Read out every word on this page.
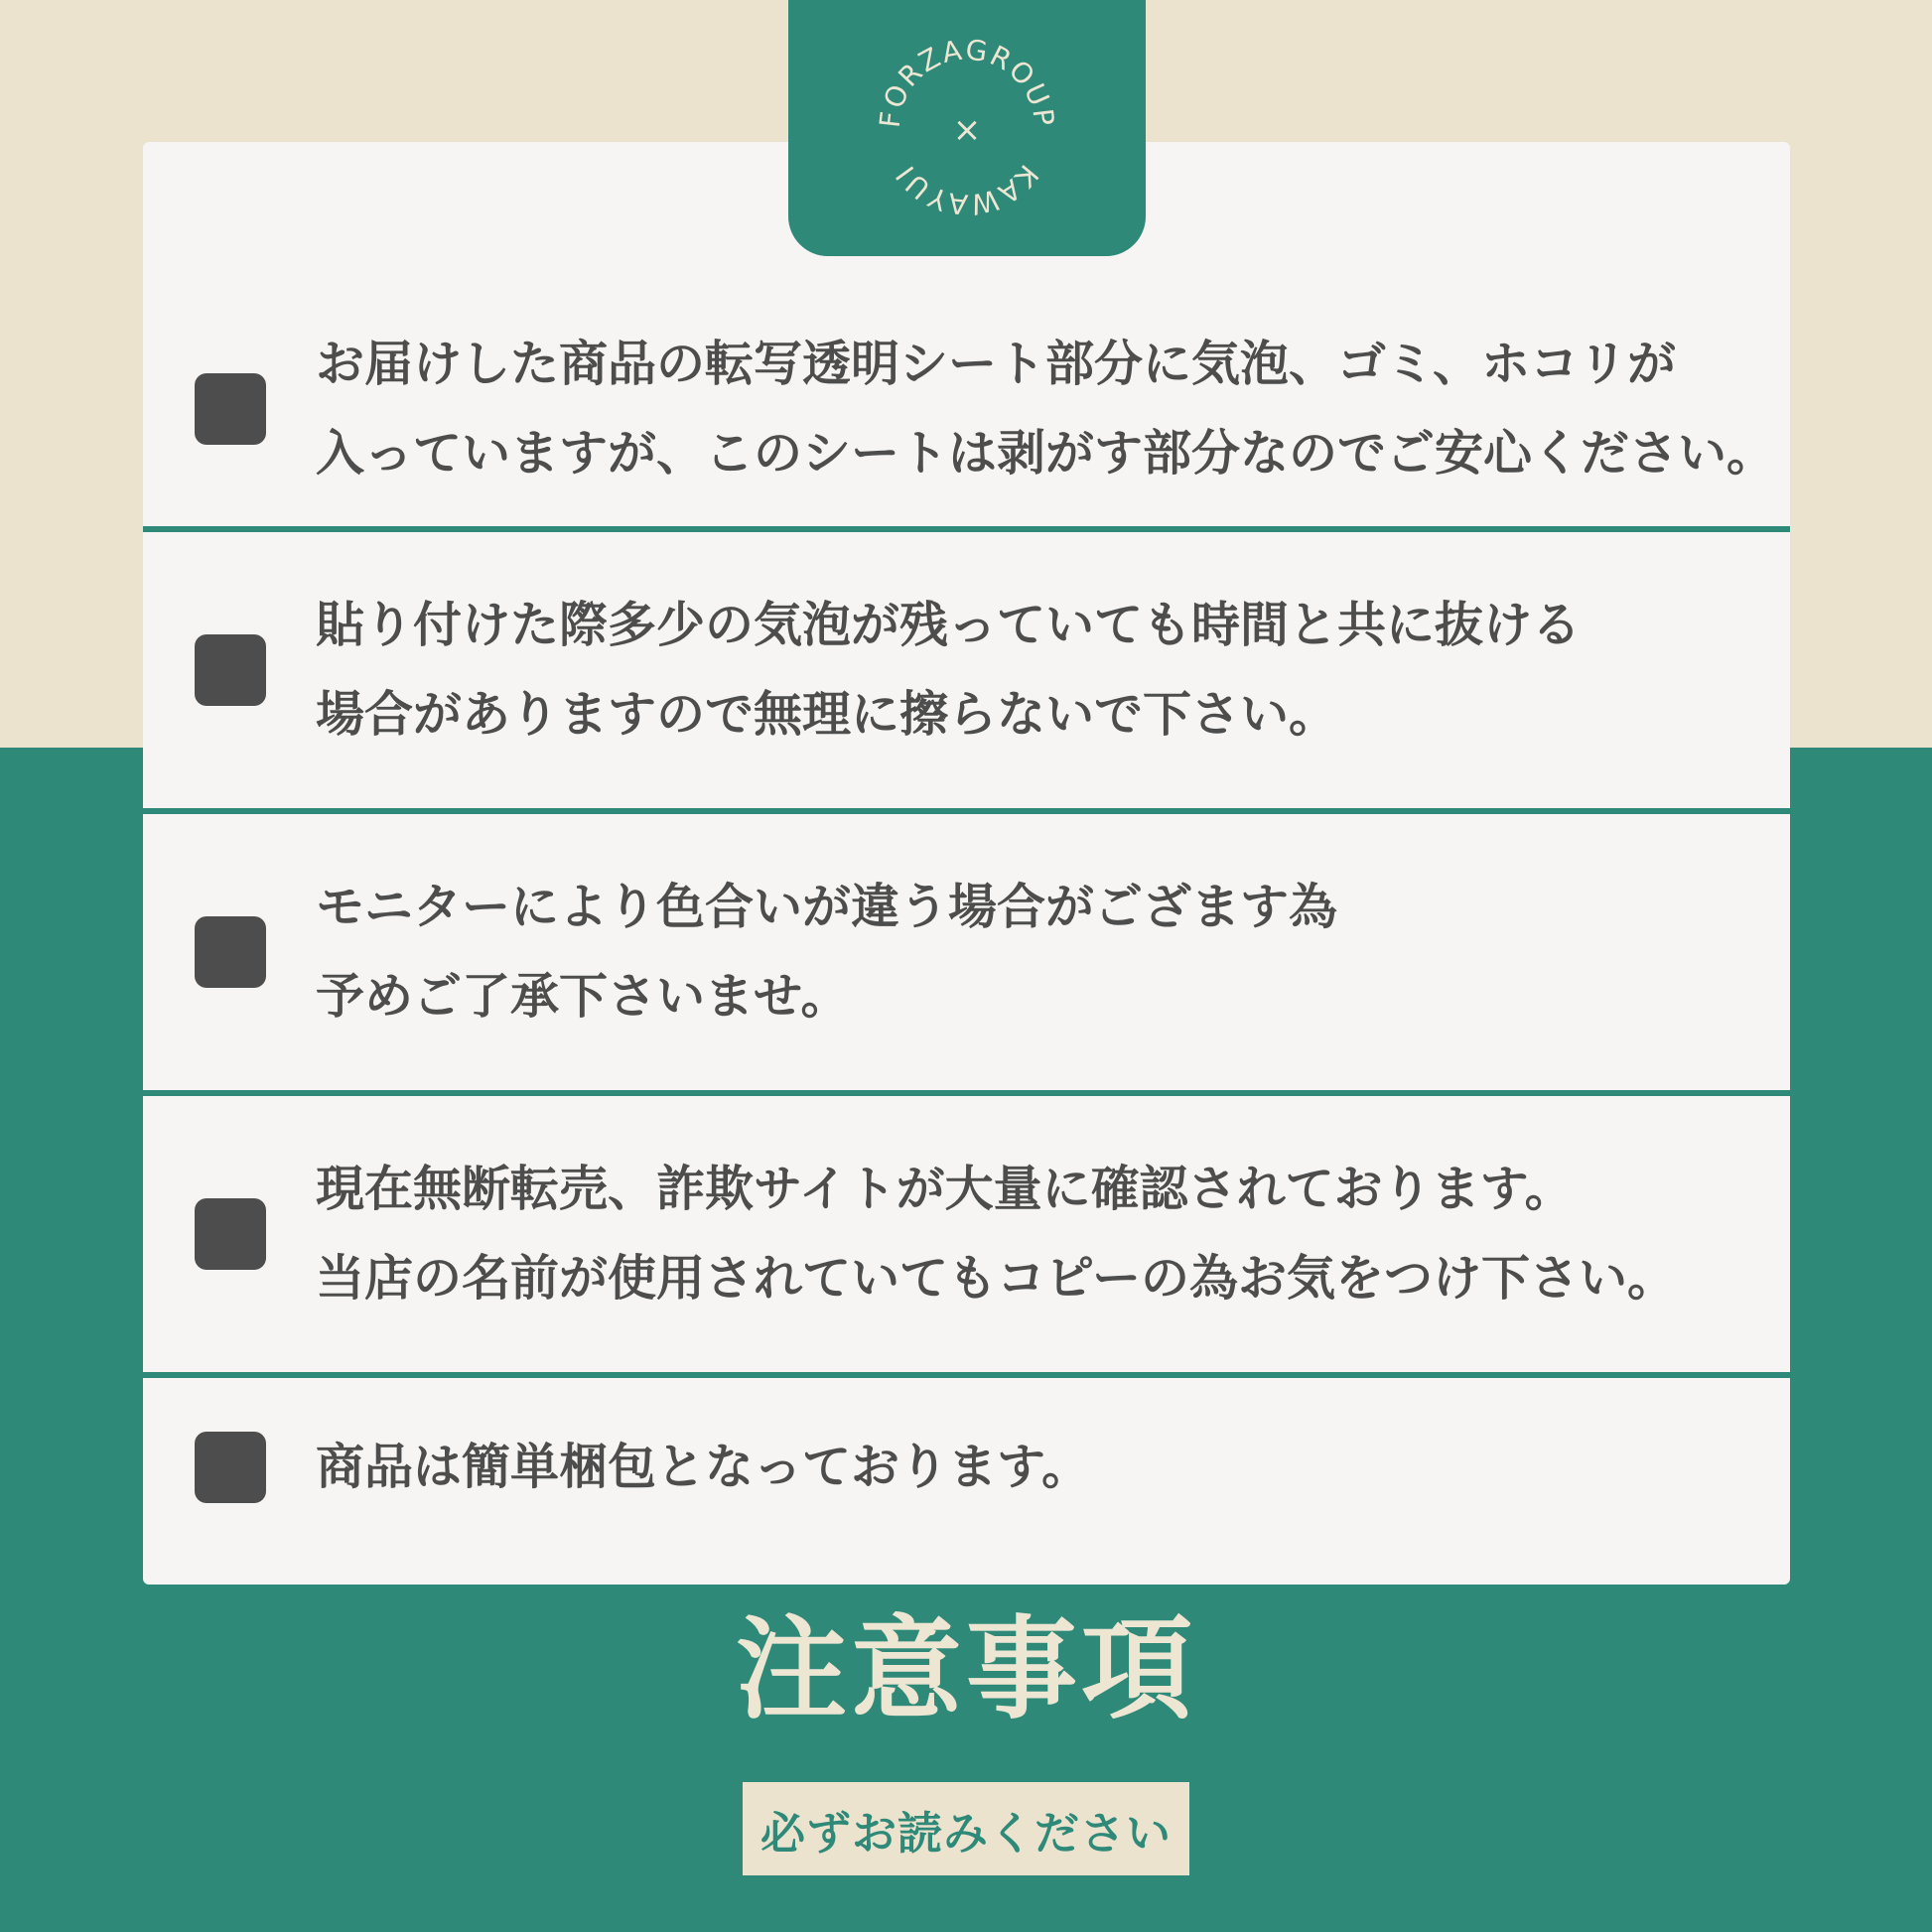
お届けした商品の転写透明シート部分に気泡、ゴミ、ホコリが

入っていますが、このシートは剥がす部分なのでご安心ください。

貼り付けた際多少の気泡が残っていても時間と共に抜ける

場合がありますので無理に擦らないで下さい。

モニターにより色合いが違う場合がござます為

予めご了承下さいませ。

現在無断転売、詐欺サイトが大量に確認されております。

当店の名前が使用されていてもコピーの為お気をつけ下さい。

商品は簡単梱包となっております。

FORZAGROUP
KAWAYUI
×
注意事項
必ずお読みください
